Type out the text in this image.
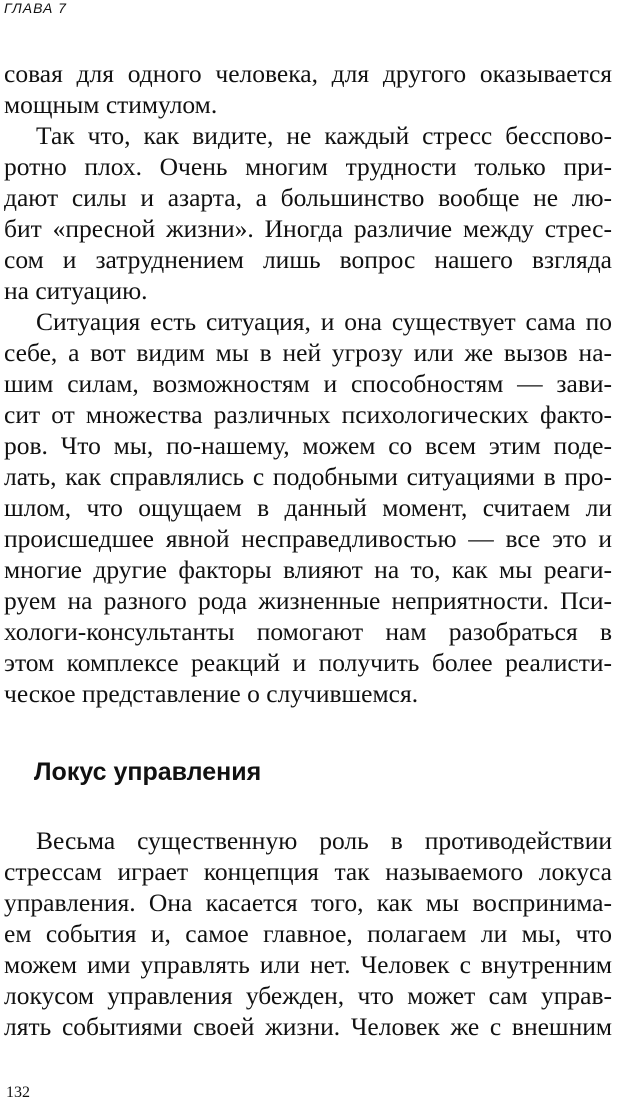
ГЛАВА 7
совая для одного человека, для другого оказывается
мощным стимулом.
Так что, как видите, не каждый стресс бесспово-
ротно плох. Очень многим трудности только при-
дают силы и азарта, а большинство вообще не лю-
бит «пресной жизни». Иногда различие между стрес-
сом и затруднением лишь вопрос нашего взгляда
на ситуацию.
Ситуация есть ситуация, и она существует сама по
себе, а вот видим мы в ней угрозу или же вызов на-
шим силам, возможностям и способностям — зави-
сит от множества различных психологических факто-
ров. Что мы, по-нашему, можем со всем этим поде-
лать, как справлялись с подобными ситуациями в про-
шлом, что ощущаем в данный момент, считаем ли
происшедшее явной несправедливостью — все это и
многие другие факторы влияют на то, как мы реаги-
руем на разного рода жизненные неприятности. Пси-
хологи-консультанты помогают нам разобраться в
этом комплексе реакций и получить более реалисти-
ческое представление о случившемся.
Локус управления
Весьма существенную роль в противодействии
стрессам играет концепция так называемого локуса
управления. Она касается того, как мы воспринима-
ем события и, самое главное, полагаем ли мы, что
можем ими управлять или нет. Человек с внутренним
локусом управления убежден, что может сам управ-
лять событиями своей жизни. Человек же с внешним
132
